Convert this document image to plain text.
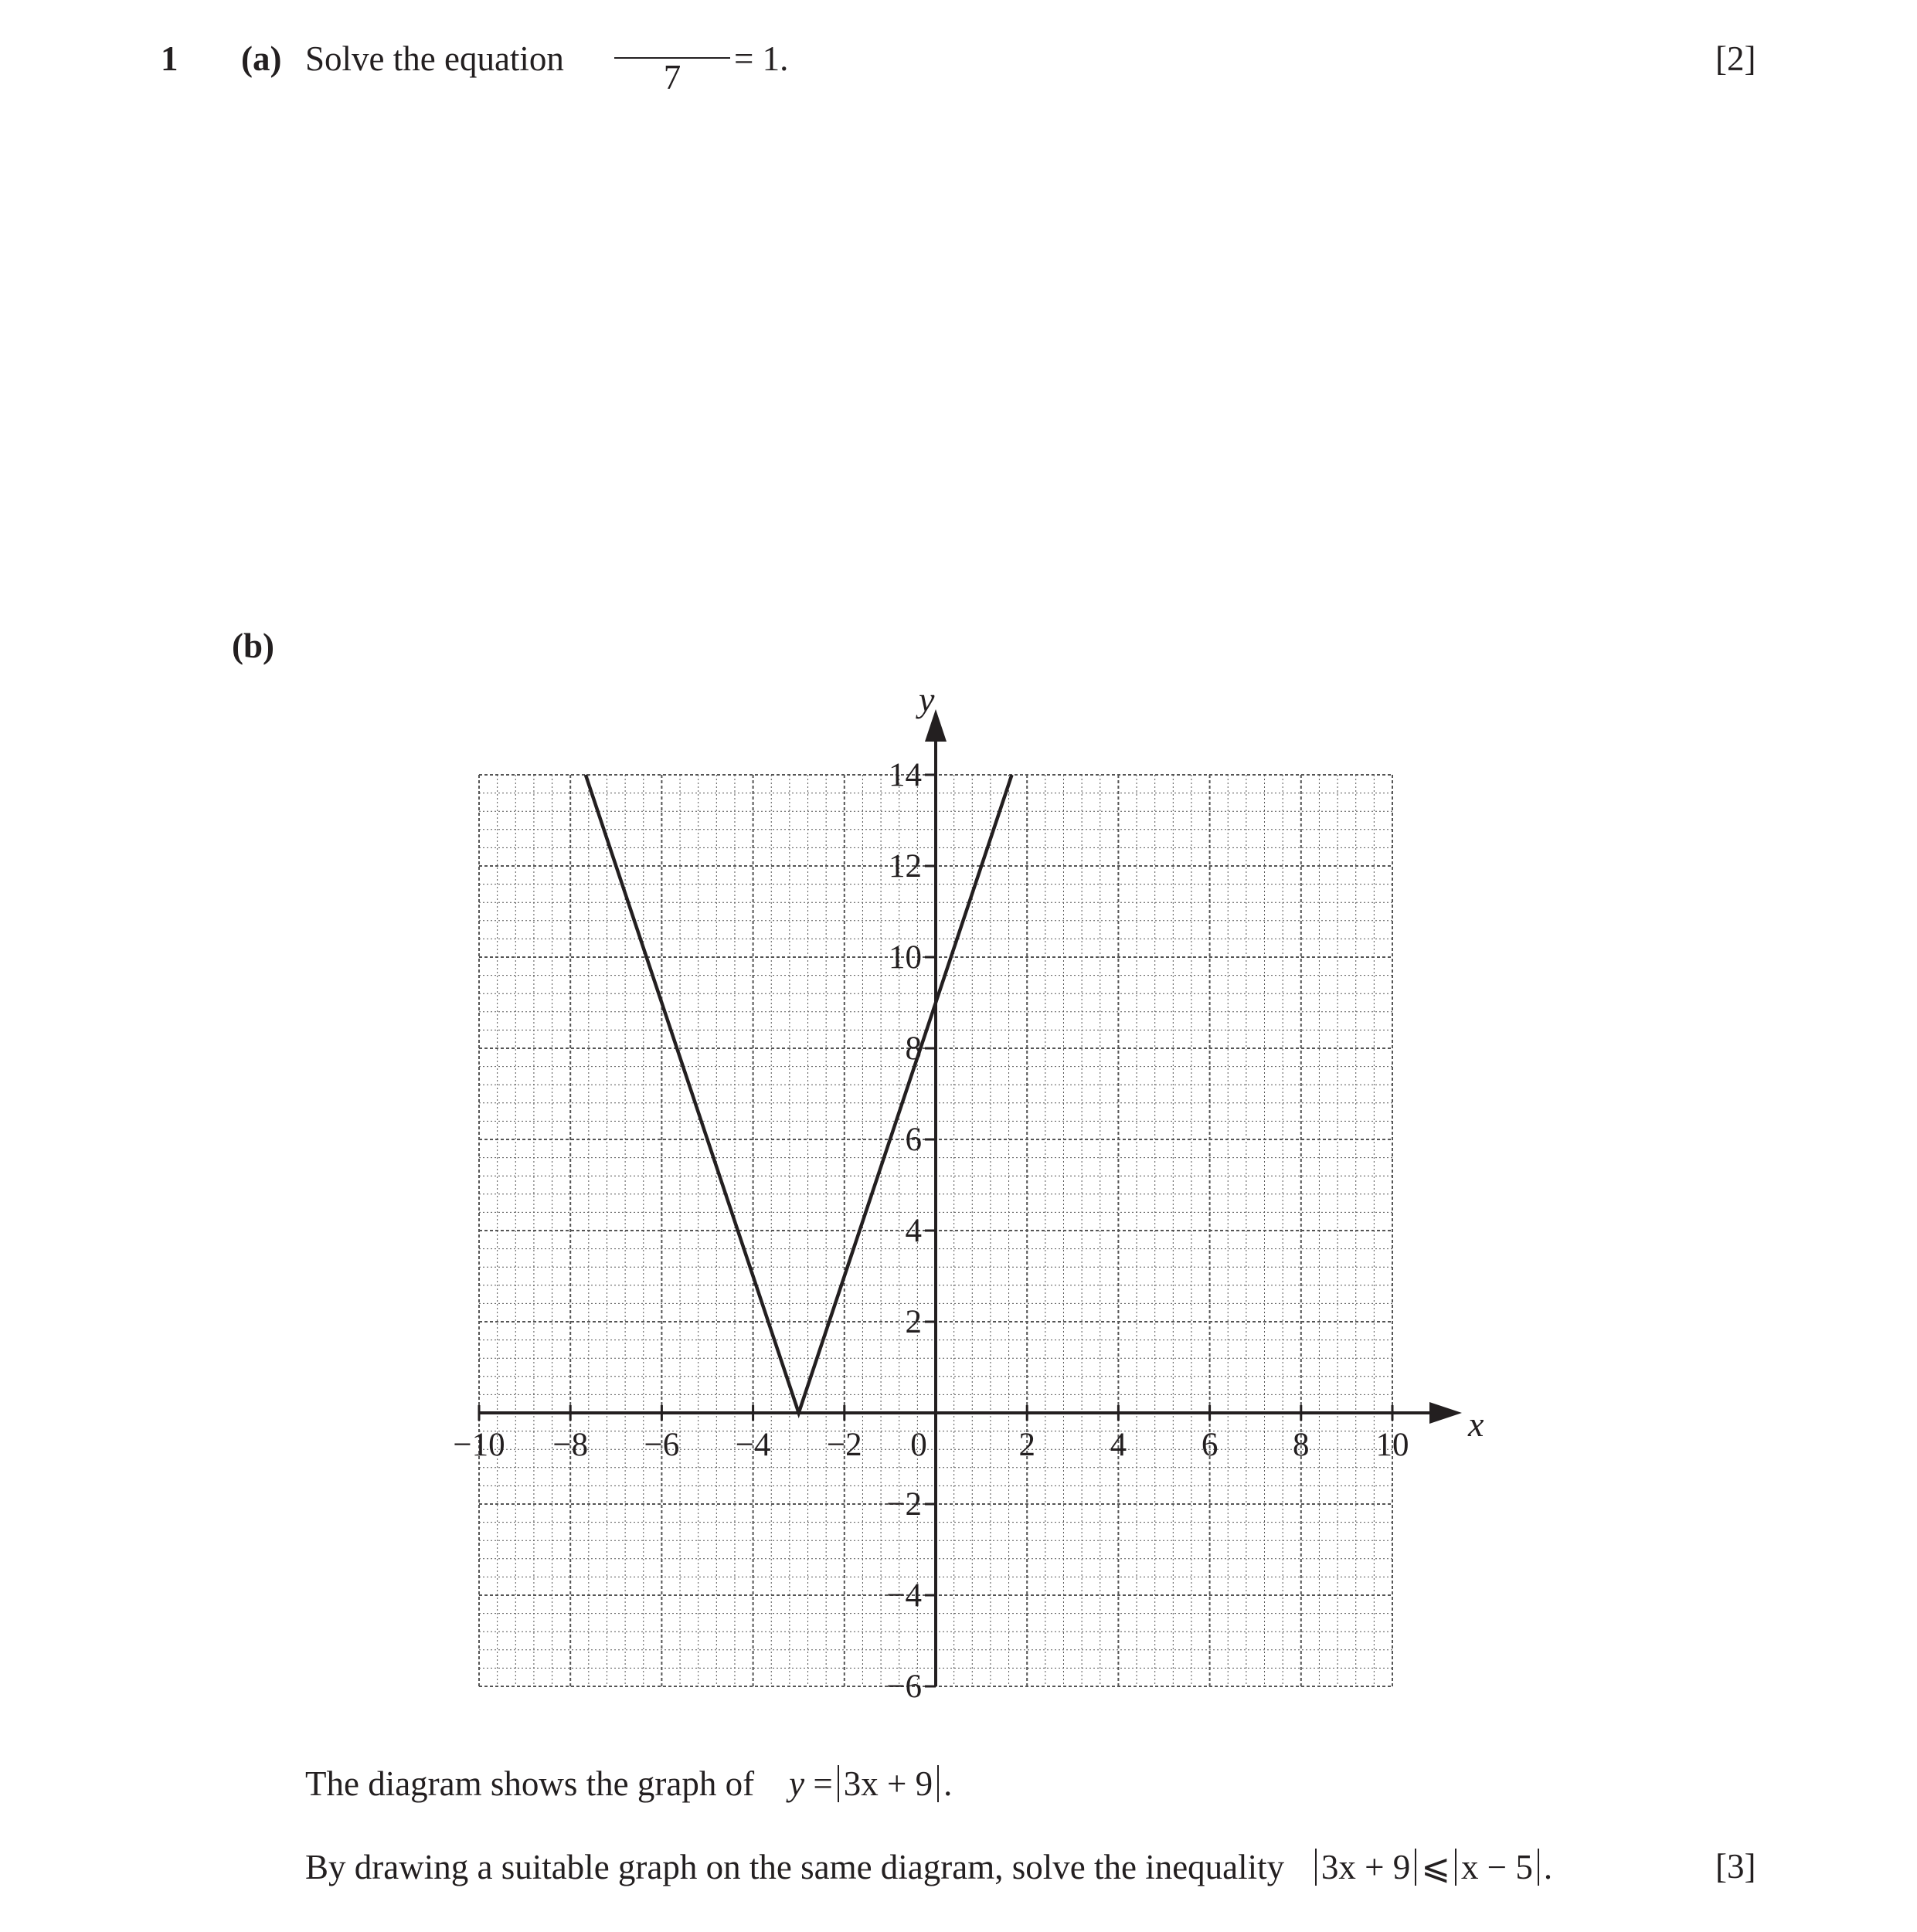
1 (a) Solve the equation	7	= 1.	[2]
(b)
−10 −8 −6 −4 −2 0	2 4 6 8 10
−6
−4
−2
2
4
6
8
10
12
14
x
y
The diagram shows the graph of y = 3x + 9 .
By drawing a suitable graph on the same diagram, solve the inequality 3x + 9 ⩽ x − 5 .	[3]
